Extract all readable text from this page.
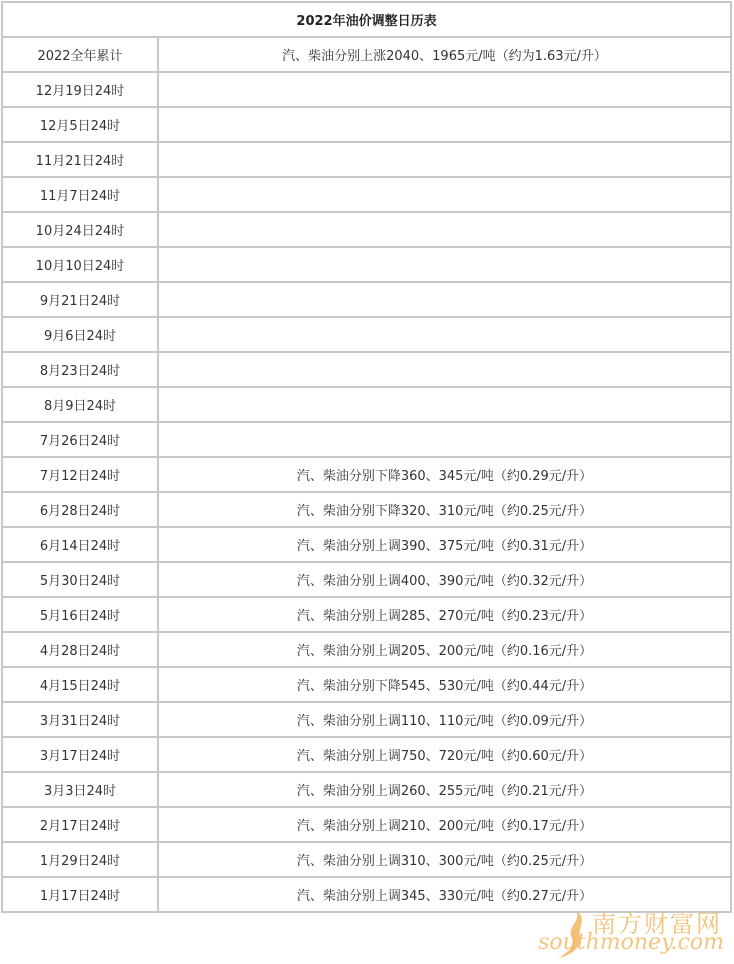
2022年油价调整日历表	
2022全年累计	汽、柴油分别上涨2040、1965元/吨（约为1.63元/升）
12月19日24时	
12月5日24时	
11月21日24时	
11月7日24时	
10月24日24时	
10月10日24时	
9月21日24时	
9月6日24时	
8月23日24时	
8月9日24时	
7月26日24时	
7月12日24时	汽、柴油分别下降360、345元/吨（约0.29元/升）
6月28日24时	汽、柴油分别下降320、310元/吨（约0.25元/升）
6月14日24时	汽、柴油分别上调390、375元/吨（约0.31元/升）
5月30日24时	汽、柴油分别上调400、390元/吨（约0.32元/升）
5月16日24时	汽、柴油分别上调285、270元/吨（约0.23元/升）
4月28日24时	汽、柴油分别上调205、200元/吨（约0.16元/升）
4月15日24时	汽、柴油分别下降545、530元/吨（约0.44元/升）
3月31日24时	汽、柴油分别上调110、110元/吨（约0.09元/升）
3月17日24时	汽、柴油分别上调750、720元/吨（约0.60元/升）
3月3日24时	汽、柴油分别上调260、255元/吨（约0.21元/升）
2月17日24时	汽、柴油分别上调210、200元/吨（约0.17元/升）
1月29日24时	汽、柴油分别上调310、300元/吨（约0.25元/升）
1月17日24时	汽、柴油分别上调345、330元/吨（约0.27元/升）
南方财富网
southmoney.com
